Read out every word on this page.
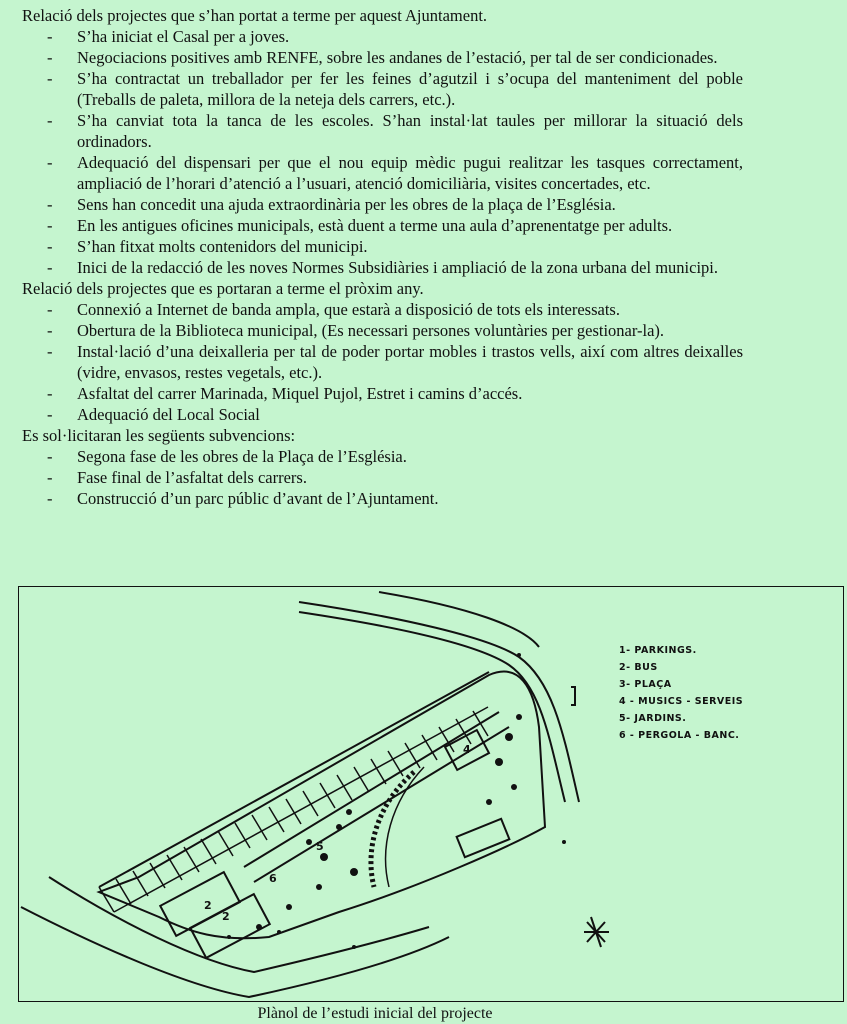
Relació dels projectes que s’han portat a terme per aquest Ajuntament.

- S’ha iniciat el Casal per a joves.
- Negociacions positives amb RENFE, sobre les andanes de l’estació, per tal de ser condicionades.
- S’ha contractat un treballador per fer les feines d’agutzil i s’ocupa del manteniment del poble (Treballs de paleta, millora de la neteja dels carrers, etc.).
- S’ha canviat tota la tanca de les escoles. S’han instal·lat taules per millorar la situació dels ordinadors.
- Adequació del dispensari per que el nou equip mèdic pugui realitzar les tasques correctament, ampliació de l’horari d’atenció a l’usuari, atenció domiciliària, visites concertades, etc.
- Sens han concedit una ajuda extraordinària per les obres de la plaça de l’Església.
- En les antigues oficines municipals, està duent a terme una aula d’aprenentatge per adults.
- S’han fitxat molts contenidors del municipi.
- Inici de la redacció de les noves Normes Subsidiàries i ampliació de la zona urbana del municipi.

Relació dels projectes que es portaran a terme el pròxim any.

- Connexió a Internet de banda ampla, que estarà a disposició de tots els interessats.
- Obertura de la Biblioteca municipal, (Es necessari persones voluntàries per gestionar-la).
- Instal·lació d’una deixalleria per tal de poder portar mobles i trastos vells, així com altres deixalles (vidre, envasos, restes vegetals, etc.).
- Asfaltat del carrer Marinada, Miquel Pujol, Estret i camins d’accés.
- Adequació del Local Social

Es sol·licitaran les següents subvencions:

- Segona fase de les obres de la Plaça de l’Església.
- Fase final de l’asfaltat dels carrers.
- Construcció d’un parc públic d’avant de l’Ajuntament.
2
2
6
5
4
1- PARKINGS.
2- BUS
3- PLAÇA
4 - MUSICS - SERVEIS
5- JARDINS.
6 - PERGOLA - BANC.
Plànol de l’estudi inicial del projecte
